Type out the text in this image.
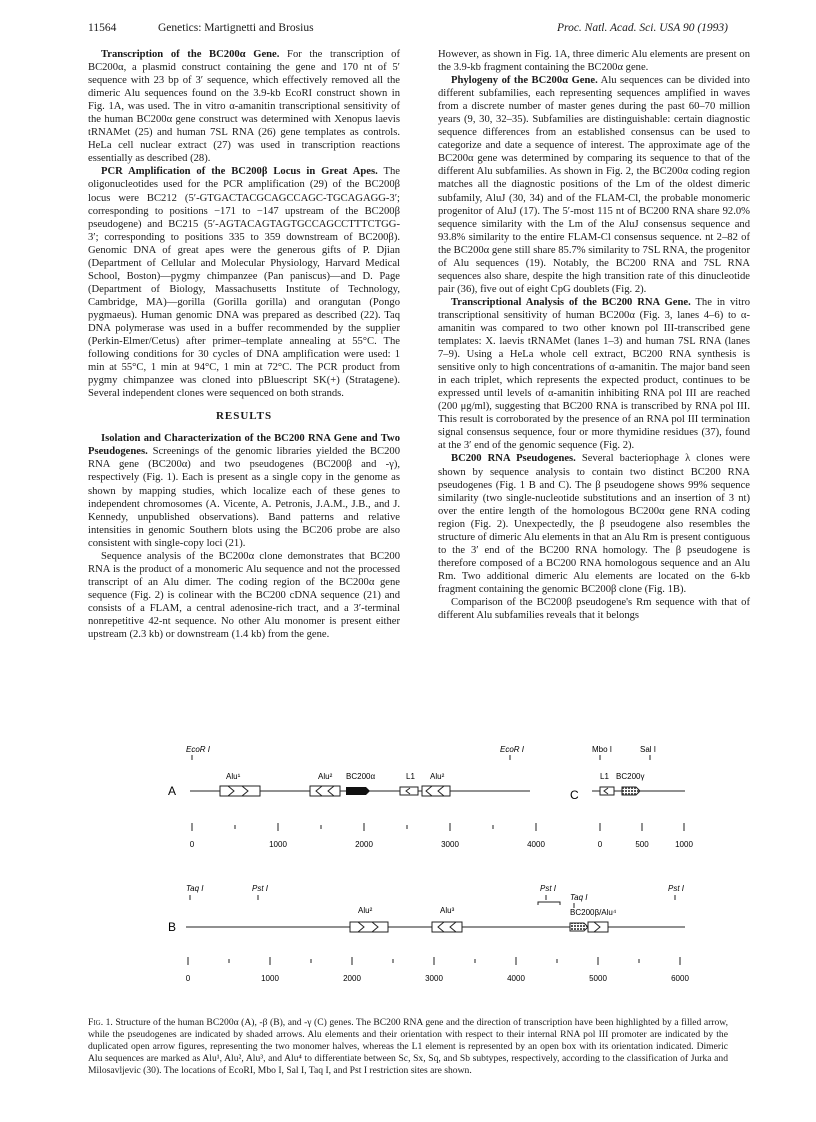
11564	Genetics: Martignetti and Brosius	Proc. Natl. Acad. Sci. USA 90 (1993)

Transcription of the BC200α Gene. For the transcription of BC200α, a plasmid construct containing the gene and 170 nt of 5′ sequence with 23 bp of 3′ sequence, which effectively removed all the dimeric Alu sequences found on the 3.9-kb EcoRI construct shown in Fig. 1A, was used. The in vitro α-amanitin transcriptional sensitivity of the human BC200α gene construct was determined with Xenopus laevis tRNAMet (25) and human 7SL RNA (26) gene templates as controls. HeLa cell nuclear extract (27) was used in transcription reactions essentially as described (28).

PCR Amplification of the BC200β Locus in Great Apes. The oligonucleotides used for the PCR amplification (29) of the BC200β locus were BC212 (5′-GTGACTACGCAGCCAGC-TGCAGAGG-3′; corresponding to positions −171 to −147 upstream of the BC200β pseudogene) and BC215 (5′-AGTACAGTAGTGCCAGCCTTTCTGG-3′; corresponding to positions 335 to 359 downstream of BC200β). Genomic DNA of great apes were the generous gifts of P. Djian (Department of Cellular and Molecular Physiology, Harvard Medical School, Boston)—pygmy chimpanzee (Pan paniscus)—and D. Page (Department of Biology, Massachusetts Institute of Technology, Cambridge, MA)—gorilla (Gorilla gorilla) and orangutan (Pongo pygmaeus). Human genomic DNA was prepared as described (22). Taq DNA polymerase was used in a buffer recommended by the supplier (Perkin-Elmer/Cetus) after primer–template annealing at 55°C. The following conditions for 30 cycles of DNA amplification were used: 1 min at 55°C, 1 min at 94°C, 1 min at 72°C. The PCR product from pygmy chimpanzee was cloned into pBluescript SK(+) (Stratagene). Several independent clones were sequenced on both strands.

RESULTS

Isolation and Characterization of the BC200 RNA Gene and Two Pseudogenes. Screenings of the genomic libraries yielded the BC200 RNA gene (BC200α) and two pseudogenes (BC200β and -γ), respectively (Fig. 1). Each is present as a single copy in the genome as shown by mapping studies, which localize each of these genes to independent chromosomes (A. Vicente, A. Petronis, J.A.M., J.B., and J. Kennedy, unpublished observations). Band patterns and relative intensities in genomic Southern blots using the BC206 probe are also consistent with single-copy loci (21).

Sequence analysis of the BC200α clone demonstrates that BC200 RNA is the product of a monomeric Alu sequence and not the processed transcript of an Alu dimer. The coding region of the BC200α gene sequence (Fig. 2) is colinear with the BC200 cDNA sequence (21) and consists of a FLAM, a central adenosine-rich tract, and a 3′-terminal nonrepetitive 42-nt sequence. No other Alu monomer is present either upstream (2.3 kb) or downstream (1.4 kb) from the gene.

However, as shown in Fig. 1A, three dimeric Alu elements are present on the 3.9-kb fragment containing the BC200α gene.

Phylogeny of the BC200α Gene. Alu sequences can be divided into different subfamilies, each representing sequences amplified in waves from a discrete number of master genes during the past 60–70 million years (9, 30, 32–35). Subfamilies are distinguishable: certain diagnostic sequence differences from an established consensus can be used to categorize and date a sequence of interest. The approximate age of the BC200α gene was determined by comparing its sequence to that of the different Alu subfamilies. As shown in Fig. 2, the BC200α coding region matches all the diagnostic positions of the Lm of the oldest dimeric subfamily, AluJ (30, 34) and of the FLAM-Cl, the probable monomeric progenitor of AluJ (17). The 5′-most 115 nt of BC200 RNA share 92.0% sequence similarity with the Lm of the AluJ consensus sequence and 93.8% similarity to the entire FLAM-Cl consensus sequence. nt 2–82 of the BC200α gene still share 85.7% similarity to 7SL RNA, the progenitor of Alu sequences (19). Notably, the BC200 RNA and 7SL RNA sequences also share, despite the high transition rate of this dinucleotide pair (36), five out of eight CpG doublets (Fig. 2).

Transcriptional Analysis of the BC200 RNA Gene. The in vitro transcriptional sensitivity of human BC200α (Fig. 3, lanes 4–6) to α-amanitin was compared to two other known pol III-transcribed gene templates: X. laevis tRNAMet (lanes 1–3) and human 7SL RNA (lanes 7–9). Using a HeLa whole cell extract, BC200 RNA synthesis is sensitive only to high concentrations of α-amanitin. The major band seen in each triplet, which represents the expected product, continues to be expressed until levels of α-amanitin inhibiting RNA pol III are reached (200 μg/ml), suggesting that BC200 RNA is transcribed by RNA pol III. This result is corroborated by the presence of an RNA pol III termination signal consensus sequence, four or more thymidine residues (37), found at the 3′ end of the genomic sequence (Fig. 2).

BC200 RNA Pseudogenes. Several bacteriophage λ clones were shown by sequence analysis to contain two distinct BC200 RNA pseudogenes (Fig. 1 B and C). The β pseudogene shows 99% sequence similarity (two single-nucleotide substitutions and an insertion of 3 nt) over the entire length of the homologous BC200α gene RNA coding region (Fig. 2). Unexpectedly, the β pseudogene also resembles the structure of dimeric Alu elements in that an Alu Rm is present contiguous to the 3′ end of the BC200 RNA homology. The β pseudogene is therefore composed of a BC200 RNA homologous sequence and an Alu Rm. Two additional dimeric Alu elements are located on the 6-kb fragment containing the genomic BC200β clone (Fig. 1B).

Comparison of the BC200β pseudogene's Rm sequence with that of different Alu subfamilies reveals that it belongs

A
EcoR I	EcoR I
Alu¹	Alu² BC200α	L1 Alu²
0	1000	2000	3000	4000
C
Mbo I	Sal I
L1 BC200γ
0	500	1000
B
Taq I	Pst I
Alu²	Alu³
Pst I
Taq I
BC200β/Alu⁴
Pst I
0	1000	2000	3000	4000	5000	6000
Fig. 1. Structure of the human BC200α (A), -β (B), and -γ (C) genes. The BC200 RNA gene and the direction of transcription have been highlighted by a filled arrow, while the pseudogenes are indicated by shaded arrows. Alu elements and their orientation with respect to their internal RNA pol III promoter are indicated by the duplicated open arrow figures, representing the two monomer halves, whereas the L1 element is represented by an open box with its orientation indicated. Dimeric Alu sequences are marked as Alu¹, Alu², Alu³, and Alu⁴ to differentiate between Sc, Sx, Sq, and Sb subtypes, respectively, according to the classification of Jurka and Milosavljevic (30). The locations of EcoRI, Mbo I, Sal I, Taq I, and Pst I restriction sites are shown.
